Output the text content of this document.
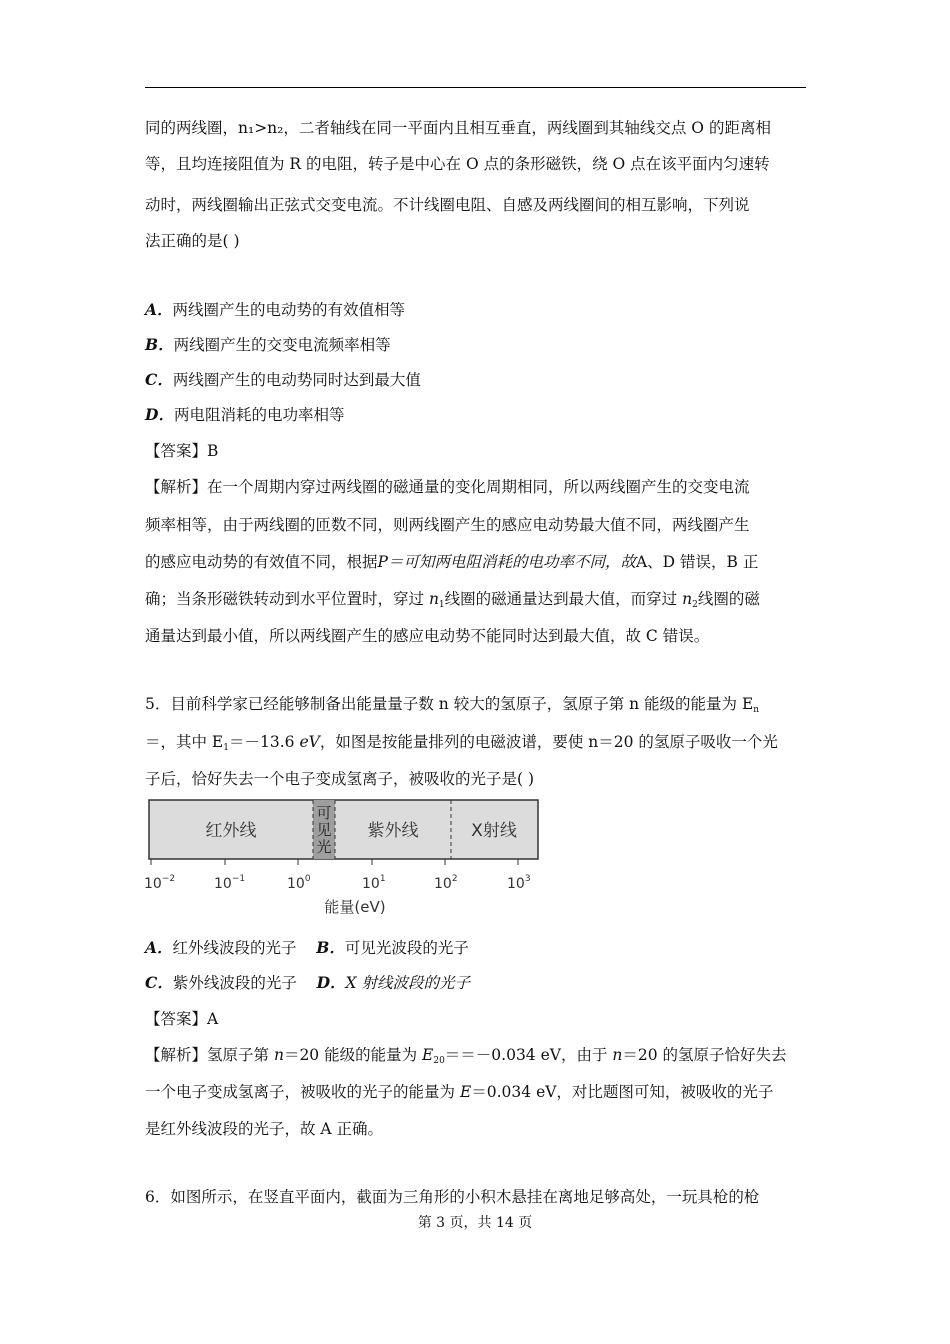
同的两线圈，n₁>n₂，二者轴线在同一平面内且相互垂直，两线圈到其轴线交点 O 的距离相
等，且均连接阻值为 R 的电阻，转子是中心在 O 点的条形磁铁，绕 O 点在该平面内匀速转
动时，两线圈输出正弦式交变电流。不计线圈电阻、自感及两线圈间的相互影响，下列说
法正确的是( )
A．两线圈产生的电动势的有效值相等
B．两线圈产生的交变电流频率相等
C．两线圈产生的电动势同时达到最大值
D．两电阻消耗的电功率相等
【答案】B
【解析】在一个周期内穿过两线圈的磁通量的变化周期相同，所以两线圈产生的交变电流
频率相等，由于两线圈的匝数不同，则两线圈产生的感应电动势最大值不同，两线圈产生
的感应电动势的有效值不同，根据P＝可知两电阻消耗的电功率不同，故A、D 错误，B 正
确；当条形磁铁转动到水平位置时，穿过 $n_1$线圈的磁通量达到最大值，而穿过 $n_2$线圈的磁
通量达到最小值，所以两线圈产生的感应电动势不能同时达到最大值，故 C 错误。
5．目前科学家已经能够制备出能量量子数 n 较大的氢原子，氢原子第 n 能级的能量为 $E_n$
＝，其中 $E_1=-13.6$ eV，如图是按能量排列的电磁波谱，要使 n＝20 的氢原子吸收一个光
子后，恰好失去一个电子变成氢离子，被吸收的光子是( )
红外线
可
见
光
紫外线	X射线
$10^{-2}$	$10^{-1}$	$10^0$	$10^1$	$10^2$	$10^3$
能量(eV)
A．红外线波段的光子 B．可见光波段的光子
C．紫外线波段的光子 D．X 射线波段的光子
【答案】A
【解析】氢原子第 n＝20 能级的能量为 $E_{20}==-0.034$ eV，由于 n＝20 的氢原子恰好失去
一个电子变成氢离子，被吸收的光子的能量为 E＝0.034 eV，对比题图可知，被吸收的光子
是红外线波段的光子，故 A 正确。
6．如图所示，在竖直平面内，截面为三角形的小积木悬挂在离地足够高处，一玩具枪的枪
第 3 页，共 14 页
